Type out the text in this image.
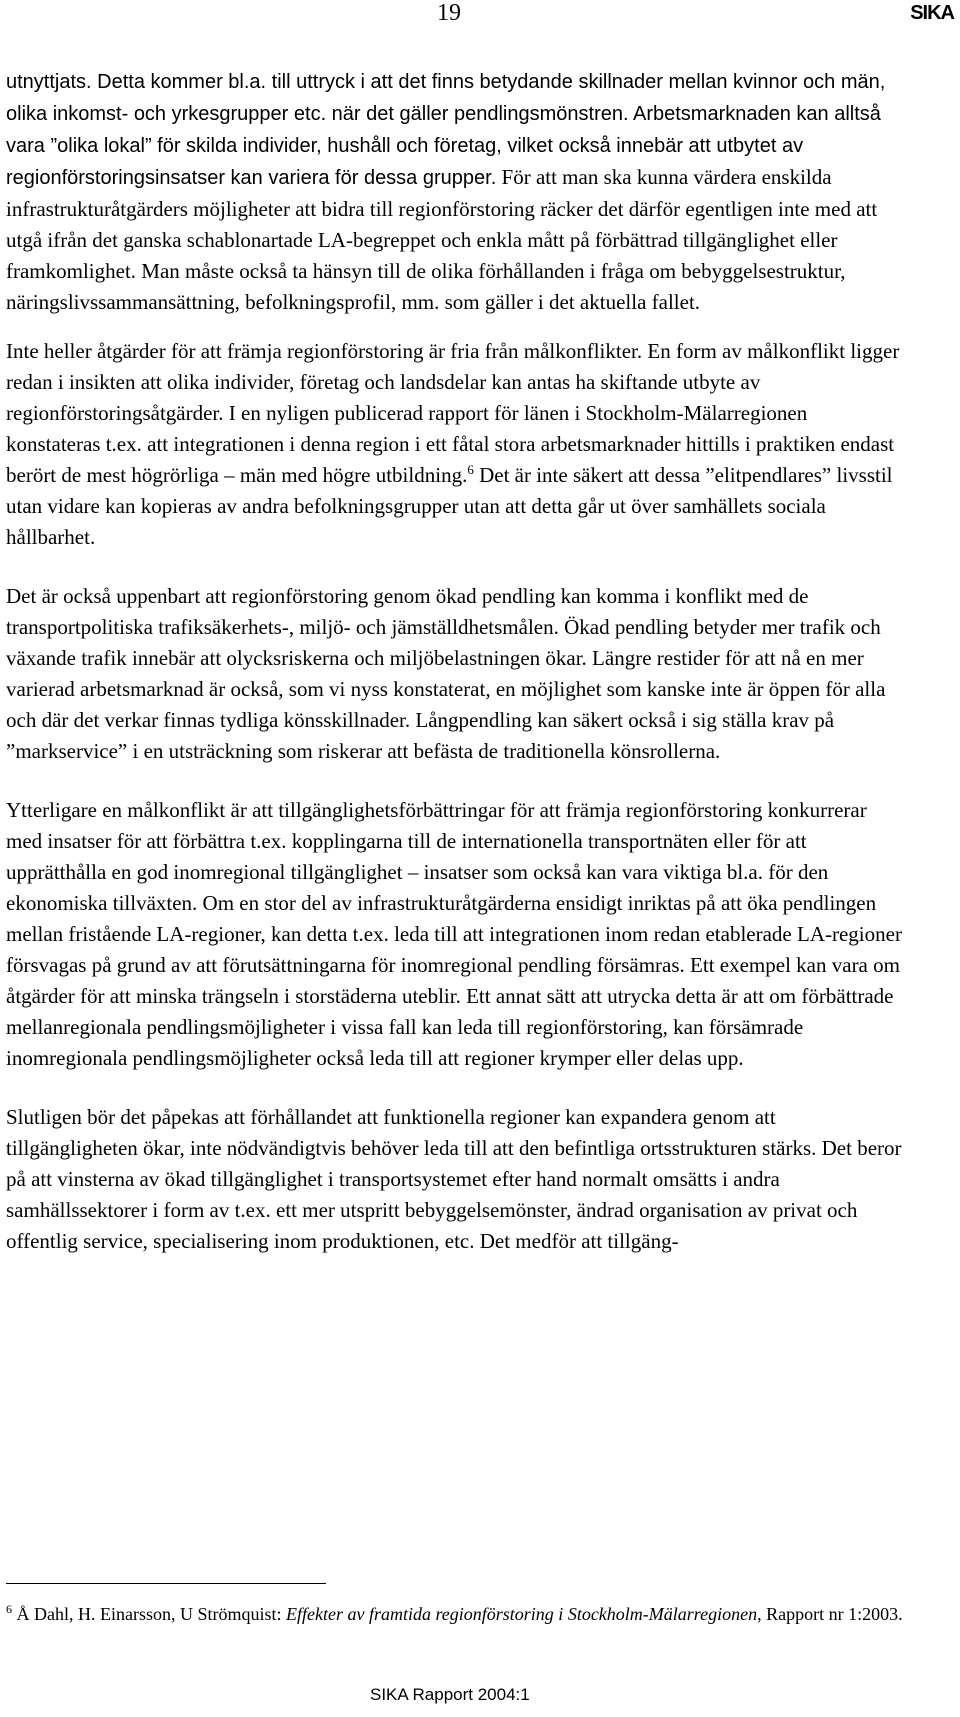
19	SIKA

utnyttjats. Detta kommer bl.a. till uttryck i att det finns betydande skillnader mellan kvinnor och män, olika inkomst- och yrkesgrupper etc. när det gäller pendlingsmönstren. Arbetsmarknaden kan alltså vara ”olika lokal” för skilda individer, hushåll och företag, vilket också innebär att utbytet av regionförstoringsinsatser kan variera för dessa grupper. För att man ska kunna värdera enskilda infrastrukturåtgärders möjligheter att bidra till regionförstoring räcker det därför egentligen inte med att utgå ifrån det ganska schablonartade LA-begreppet och enkla mått på förbättrad tillgänglighet eller framkomlighet. Man måste också ta hänsyn till de olika förhållanden i fråga om bebyggelsestruktur, näringslivssammansättning, befolkningsprofil, mm. som gäller i det aktuella fallet.

Inte heller åtgärder för att främja regionförstoring är fria från målkonflikter. En form av målkonflikt ligger redan i insikten att olika individer, företag och landsdelar kan antas ha skiftande utbyte av regionförstoringsåtgärder. I en nyligen publicerad rapport för länen i Stockholm-Mälarregionen konstateras t.ex. att integrationen i denna region i ett fåtal stora arbetsmarknader hittills i praktiken endast berört de mest högrörliga – män med högre utbildning.$^6$ Det är inte säkert att dessa ”elitpendlares” livsstil utan vidare kan kopieras av andra befolkningsgrupper utan att detta går ut över samhällets sociala hållbarhet.

Det är också uppenbart att regionförstoring genom ökad pendling kan komma i konflikt med de transportpolitiska trafiksäkerhets-, miljö- och jämställdhetsmålen. Ökad pendling betyder mer trafik och växande trafik innebär att olycksriskerna och miljöbelastningen ökar. Längre restider för att nå en mer varierad arbetsmarknad är också, som vi nyss konstaterat, en möjlighet som kanske inte är öppen för alla och där det verkar finnas tydliga könsskillnader. Långpendling kan säkert också i sig ställa krav på ”markservice” i en utsträckning som riskerar att befästa de traditionella könsrollerna.

Ytterligare en målkonflikt är att tillgänglighetsförbättringar för att främja regionförstoring konkurrerar med insatser för att förbättra t.ex. kopplingarna till de internationella transportnäten eller för att upprätthålla en god inomregional tillgänglighet – insatser som också kan vara viktiga bl.a. för den ekonomiska tillväxten. Om en stor del av infrastrukturåtgärderna ensidigt inriktas på att öka pendlingen mellan fristående LA-regioner, kan detta t.ex. leda till att integrationen inom redan etablerade LA-regioner försvagas på grund av att förutsättningarna för inomregional pendling försämras. Ett exempel kan vara om åtgärder för att minska trängseln i storstäderna uteblir. Ett annat sätt att utrycka detta är att om förbättrade mellanregionala pendlingsmöjligheter i vissa fall kan leda till regionförstoring, kan försämrade inomregionala pendlingsmöjligheter också leda till att regioner krymper eller delas upp.

Slutligen bör det påpekas att förhållandet att funktionella regioner kan expandera genom att tillgängligheten ökar, inte nödvändigtvis behöver leda till att den befintliga ortsstrukturen stärks. Det beror på att vinsterna av ökad tillgänglighet i transportsystemet efter hand normalt omsätts i andra samhällssektorer i form av t.ex. ett mer utspritt bebyggelsemönster, ändrad organisation av privat och offentlig service, specialisering inom produktionen, etc. Det medför att tillgäng-

$^6$ Å Dahl, H. Einarsson, U Strömquist: Effekter av framtida regionförstoring i Stockholm-Mälarregionen, Rapport nr 1:2003.
SIKA Rapport 2004:1
